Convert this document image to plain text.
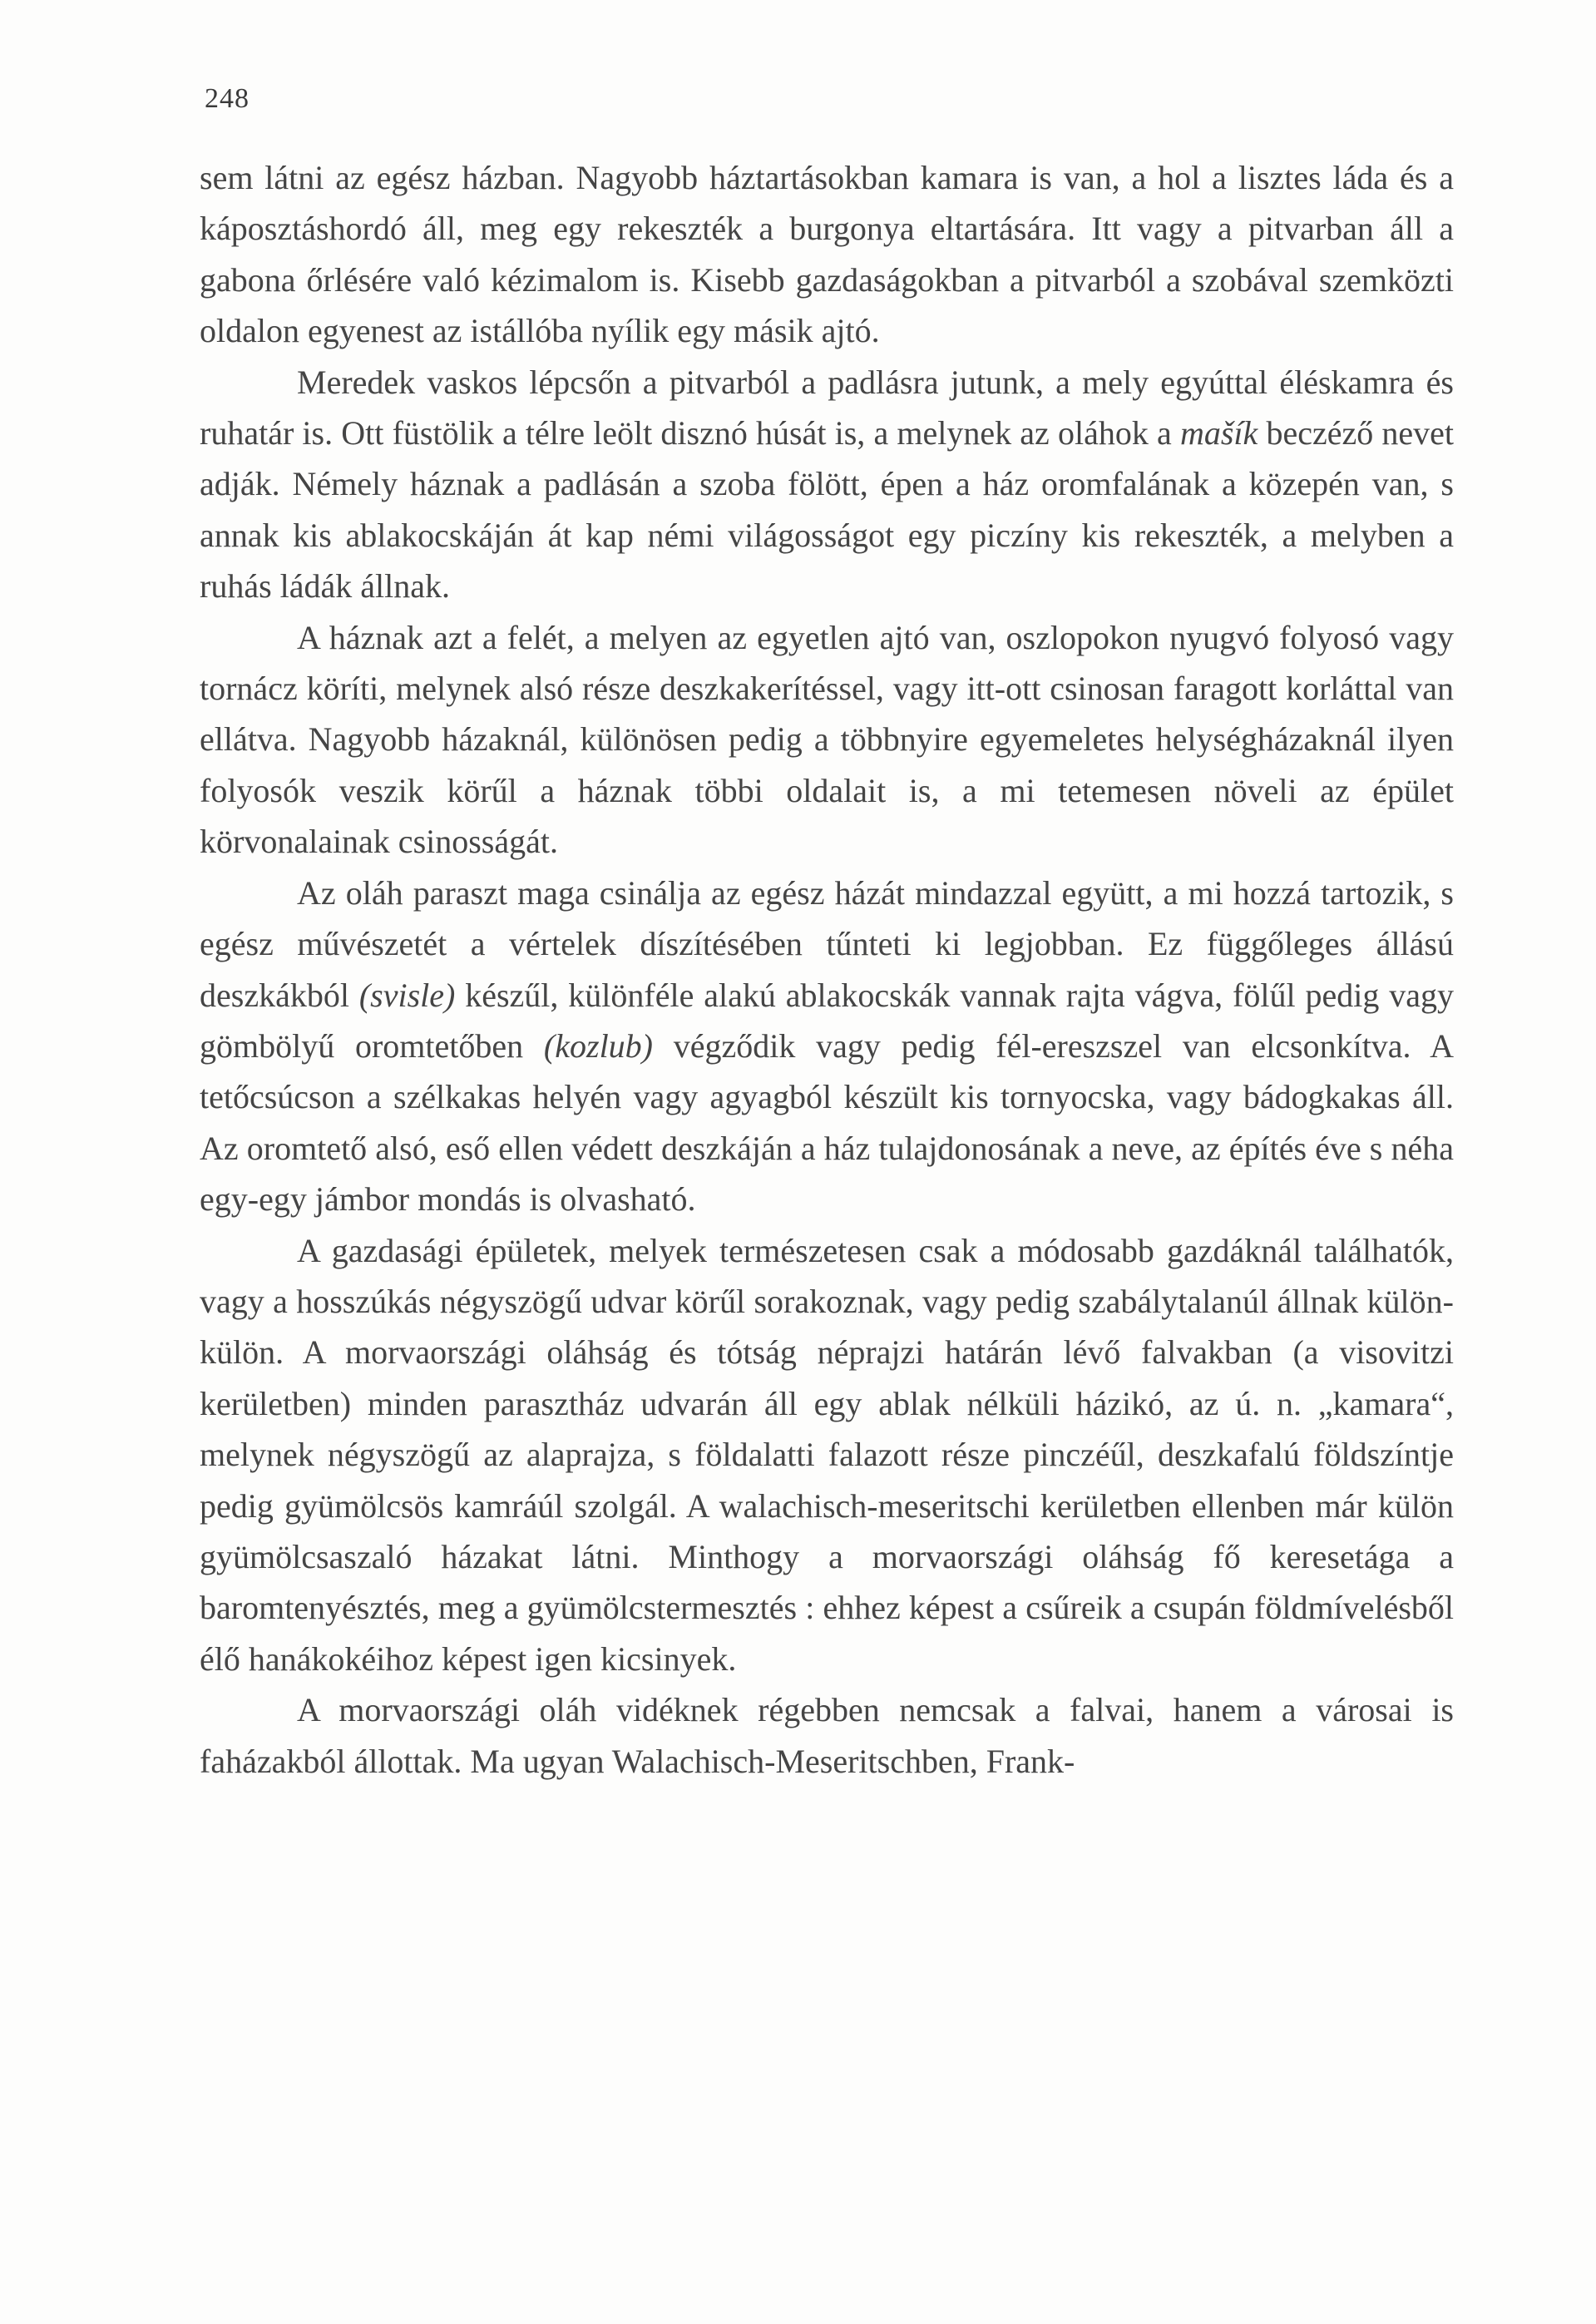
248

sem látni az egész házban. Nagyobb háztartásokban kamara is van, a hol a lisztes láda és a káposztáshordó áll, meg egy rekeszték a burgonya eltartására. Itt vagy a pitvarban áll a gabona őrlésére való kézimalom is. Kisebb gazdaságokban a pitvarból a szobával szemközti oldalon egyenest az istállóba nyílik egy másik ajtó.

Meredek vaskos lépcsőn a pitvarból a padlásra jutunk, a mely egyúttal éléskamra és ruhatár is. Ott füstölik a télre leölt disznó húsát is, a melynek az oláhok a mašík beczéző nevet adják. Némely háznak a padlásán a szoba fölött, épen a ház oromfalának a közepén van, s annak kis ablakocskáján át kap némi világosságot egy piczíny kis rekeszték, a melyben a ruhás ládák állnak.

A háznak azt a felét, a melyen az egyetlen ajtó van, oszlopokon nyugvó folyosó vagy tornácz köríti, melynek alsó része deszkakerítéssel, vagy itt-ott csinosan faragott korláttal van ellátva. Nagyobb házaknál, különösen pedig a többnyire egyemeletes helységházaknál ilyen folyosók veszik körűl a háznak többi oldalait is, a mi tetemesen növeli az épület körvonalainak csinosságát.

Az oláh paraszt maga csinálja az egész házát mindazzal együtt, a mi hozzá tartozik, s egész művészetét a vértelek díszítésében tűnteti ki legjobban. Ez függőleges állású deszkákból (svisle) készűl, különféle alakú ablakocskák vannak rajta vágva, fölűl pedig vagy gömbölyű oromtetőben (kozlub) végződik vagy pedig fél-ereszszel van elcsonkítva. A tetőcsúcson a szélkakas helyén vagy agyagból készült kis tornyocska, vagy bádogkakas áll. Az oromtető alsó, eső ellen védett deszkáján a ház tulajdonosának a neve, az építés éve s néha egy-egy jámbor mondás is olvasható.

A gazdasági épületek, melyek természetesen csak a módosabb gazdáknál találhatók, vagy a hosszúkás négyszögű udvar körűl sorakoznak, vagy pedig szabálytalanúl állnak külön-külön. A morvaországi oláhság és tótság néprajzi határán lévő falvakban (a visovitzi kerületben) minden parasztház udvarán áll egy ablak nélküli házikó, az ú. n. „kamara“, melynek négyszögű az alaprajza, s földalatti falazott része pinczéűl, deszkafalú földszíntje pedig gyümölcsös kamráúl szolgál. A walachisch-meseritschi kerületben ellenben már külön gyümölcsaszaló házakat látni. Minthogy a morvaországi oláhság fő keresetága a baromtenyésztés, meg a gyümölcstermesztés : ehhez képest a csűreik a csupán földmívelésből élő hanákokéihoz képest igen kicsinyek.

A morvaországi oláh vidéknek régebben nemcsak a falvai, hanem a városai is faházakból állottak. Ma ugyan Walachisch-Meseritschben, Frank-
